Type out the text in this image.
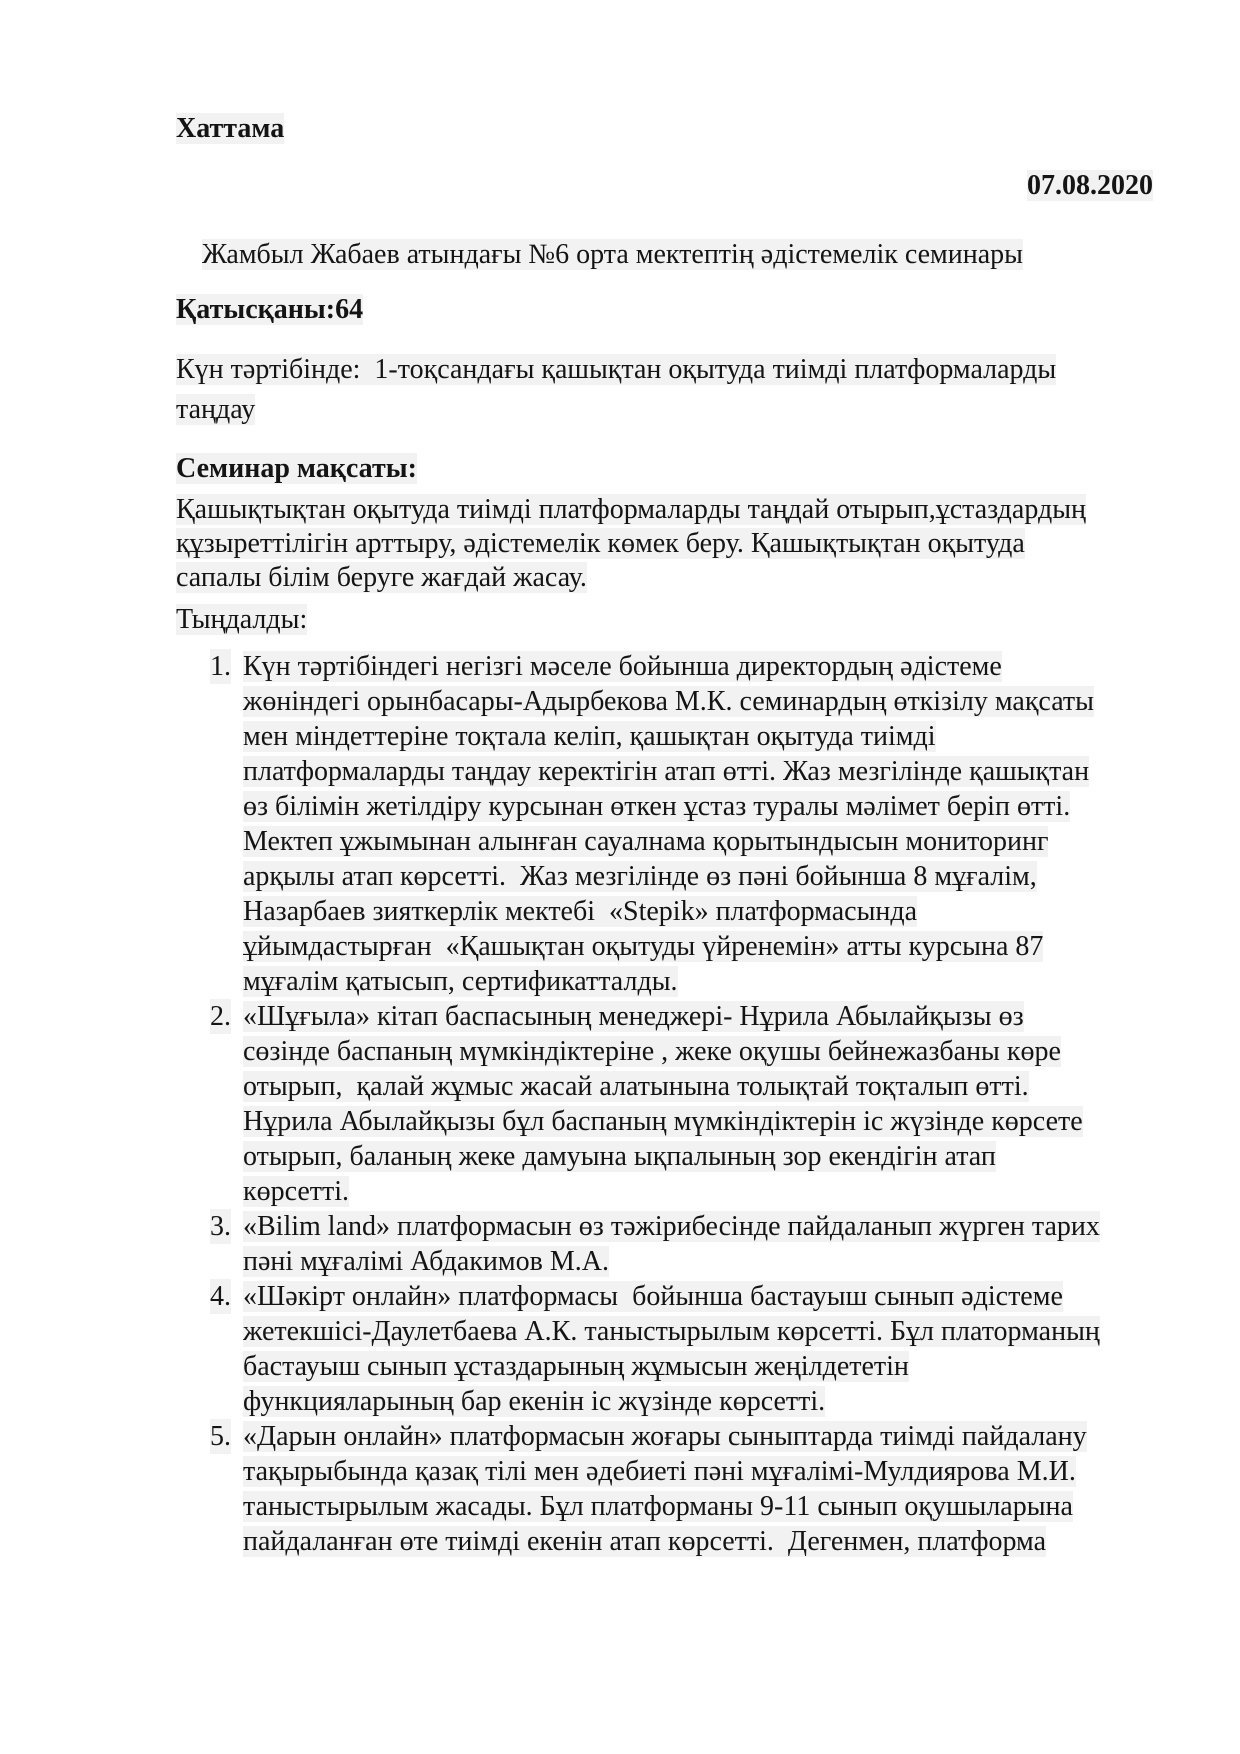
Хаттама
07.08.2020
Жамбыл Жабаев атындағы №6 орта мектептің әдістемелік семинары
Қатысқаны:64
Күн тәртібінде:  1-тоқсандағы қашықтан оқытуда тиімді платформаларды
таңдау
Семинар мақсаты:
Қашықтықтан оқытуда тиімді платформаларды таңдай отырып,ұстаздардың
құзыреттілігін арттыру, әдістемелік көмек беру. Қашықтықтан оқытуда
сапалы білім беруге жағдай жасау.
Тыңдалды:
1. Күн тәртібіндегі негізгі мәселе бойынша директордың әдістеме
жөніндегі орынбасары-Адырбекова М.К. семинардың өткізілу мақсаты
мен міндеттеріне тоқтала келіп, қашықтан оқытуда тиімді
платформаларды таңдау керектігін атап өтті. Жаз мезгілінде қашықтан
өз білімін жетілдіру курсынан өткен ұстаз туралы мәлімет беріп өтті.
Мектеп ұжымынан алынған сауалнама қорытындысын мониторинг
арқылы атап көрсетті.  Жаз мезгілінде өз пәні бойынша 8 мұғалім,
Назарбаев зияткерлік мектебі  «Stepik» платформасында
ұйымдастырған  «Қашықтан оқытуды үйренемін» атты курсына 87
мұғалім қатысып, сертификатталды.
2. «Шұғыла» кітап баспасының менеджері- Нұрила Абылайқызы өз
сөзінде баспаның мүмкіндіктеріне , жеке оқушы бейнежазбаны көре
отырып,  қалай жұмыс жасай алатынына толықтай тоқталып өтті.
Нұрила Абылайқызы бұл баспаның мүмкіндіктерін іс жүзінде көрсете
отырып, баланың жеке дамуына ықпалының зор екендігін атап
көрсетті.
3. «Bilim land» платформасын өз тәжірибесінде пайдаланып жүрген тарих
пәні мұғалімі Абдакимов М.А.
4. «Шәкірт онлайн» платформасы  бойынша бастауыш сынып әдістеме
жетекшісі-Даулетбаева А.К. таныстырылым көрсетті. Бұл платорманың
бастауыш сынып ұстаздарының жұмысын жеңілдететін
функцияларының бар екенін іс жүзінде көрсетті.
5. «Дарын онлайн» платформасын жоғары сыныптарда тиімді пайдалану
тақырыбында қазақ тілі мен әдебиеті пәні мұғалімі-Мулдиярова М.И.
таныстырылым жасады. Бұл платформаны 9-11 сынып оқушыларына
пайдаланған өте тиімді екенін атап көрсетті.  Дегенмен, платформа
